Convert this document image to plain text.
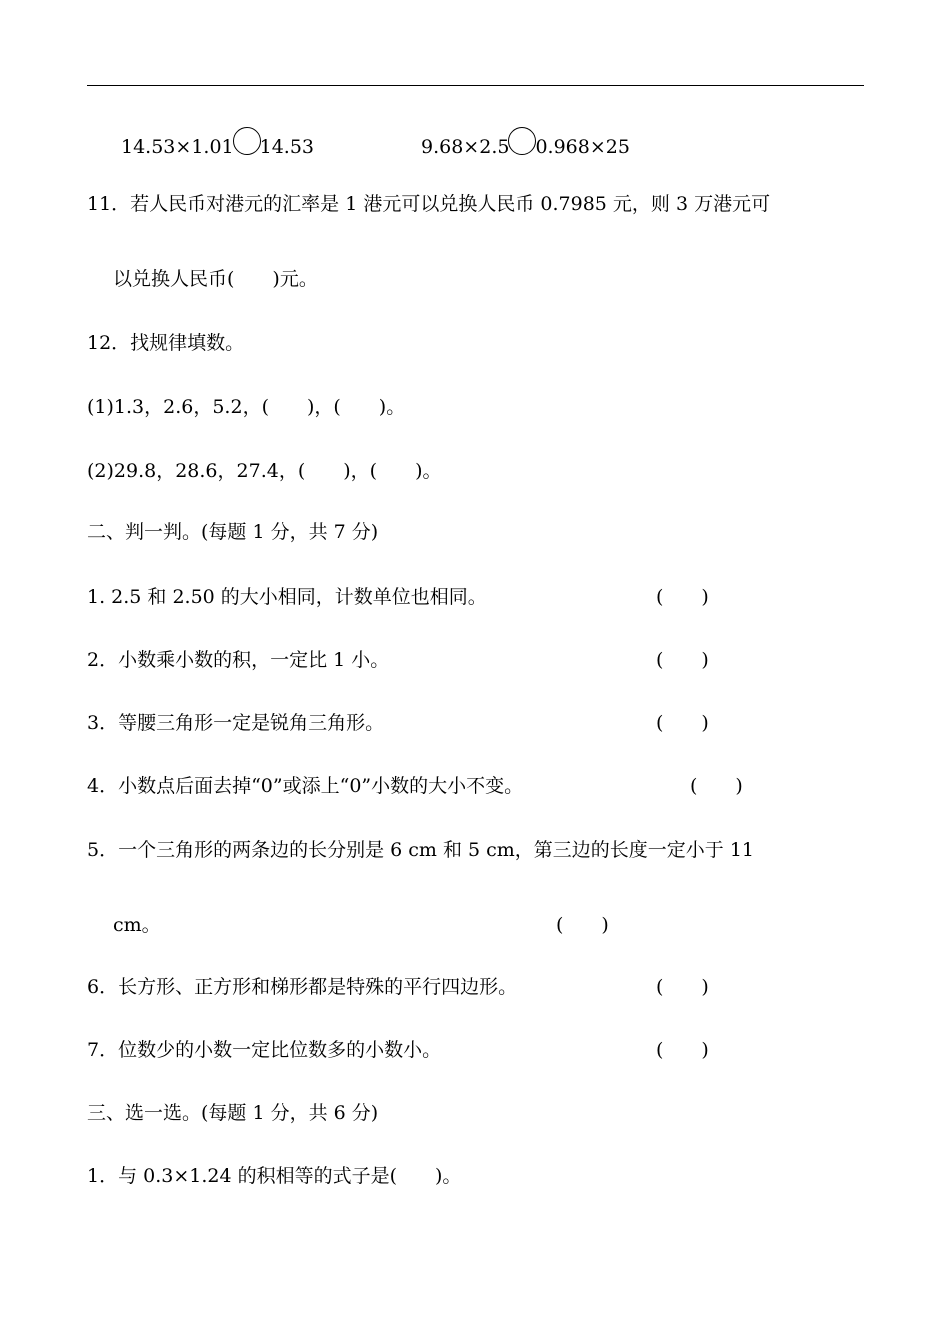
14.53×1.01 14.53	9.68×2.5 0.968×25
11．若人民币对港元的汇率是 1 港元可以兑换人民币 0.7985 元，则 3 万港元可
以兑换人民币(　　)元。
12．找规律填数。
(1)1.3，2.6，5.2，(　　)，(　　)。
(2)29.8，28.6，27.4，(　　)，(　　)。
二、判一判。(每题 1 分，共 7 分)
1. 2.5 和 2.50 的大小相同，计数单位也相同。	(　　)
2．小数乘小数的积，一定比 1 小。	(　　)
3．等腰三角形一定是锐角三角形。	(　　)
4．小数点后面去掉“0”或添上“0”小数的大小不变。	(　　)
5．一个三角形的两条边的长分别是 6 cm 和 5 cm，第三边的长度一定小于 11
cm。	(　　)
6．长方形、正方形和梯形都是特殊的平行四边形。	(　　)
7．位数少的小数一定比位数多的小数小。	(　　)
三、选一选。(每题 1 分，共 6 分)
1．与 0.3×1.24 的积相等的式子是(　　)。
